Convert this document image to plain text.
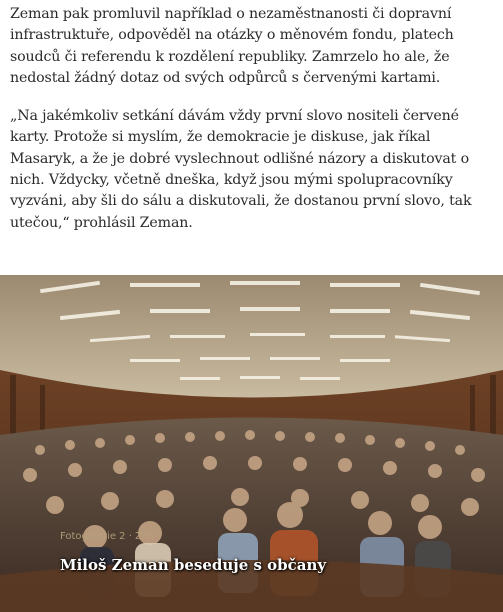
Zeman pak promluvil například o nezaměstnanosti či dopravní infrastruktuře, odpověděl na otázky o měnovém fondu, platech soudců či referendu k rozdělení republiky. Zamrzelo ho ale, že nedostal žádný dotaz od svých odpůrců s červenými kartami.

„Na jakémkoliv setkání dávám vždy první slovo nositeli červené karty. Protože si myslím, že demokracie je diskuse, jak říkal Masaryk, a že je dobré vyslechnout odlišné názory a diskutovat o nich. Vždycky, včetně dneška, když jsou mými spolupracovníky vyzváni, aby šli do sálu a diskutovali, že dostanou první slovo, tak utečou,“ prohlásil Zeman.

Fotogalerie 2 · Zlín
Miloš Zeman beseduje s občany
